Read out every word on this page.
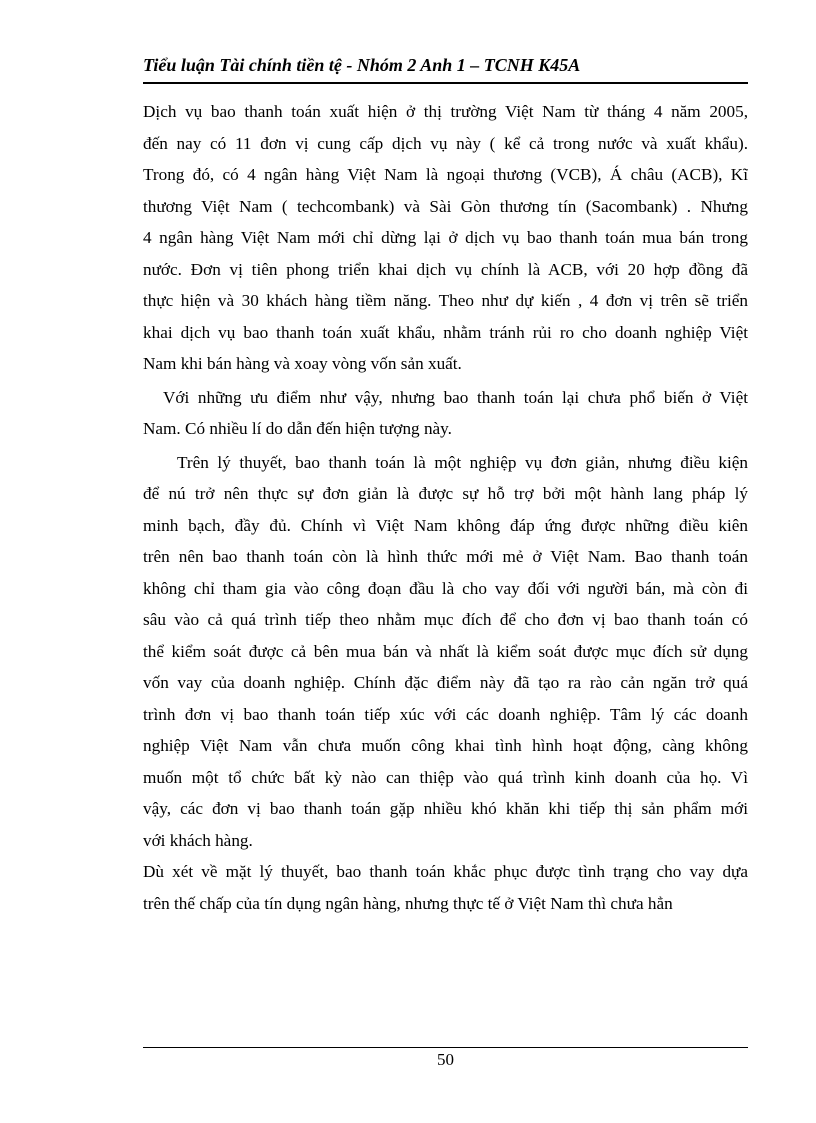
Tiểu luận Tài chính tiền tệ - Nhóm 2 Anh 1 – TCNH K45A
Dịch vụ bao thanh toán xuất hiện ở thị trường Việt Nam từ tháng 4 năm 2005,
đến nay có 11 đơn vị cung cấp dịch vụ này ( kể cả trong nước và xuất khẩu).
Trong đó, có 4 ngân hàng Việt Nam là ngoại thương (VCB), Á châu (ACB), Kĩ
thương Việt Nam ( techcombank) và Sài Gòn thương tín (Sacombank) . Nhưng
4 ngân hàng Việt Nam mới chỉ dừng lại ở dịch vụ bao thanh toán mua bán trong
nước. Đơn vị tiên phong triển khai dịch vụ chính là ACB, với 20 hợp đồng đã
thực hiện và 30 khách hàng tiềm năng. Theo như dự kiến , 4 đơn vị trên sẽ triển
khai dịch vụ bao thanh toán xuất khẩu, nhằm tránh rủi ro cho doanh nghiệp Việt
Nam khi bán hàng và xoay vòng vốn sản xuất.
Với những ưu điểm như vậy, nhưng bao thanh toán lại chưa phổ biến ở Việt
Nam. Có nhiều lí do dẫn đến hiện tượng này.
Trên lý thuyết, bao thanh toán là một nghiệp vụ đơn giản, nhưng điều kiện
để nú trở nên thực sự đơn giản là được sự hỗ trợ bởi một hành lang pháp lý
minh bạch, đầy đủ. Chính vì Việt Nam không đáp ứng được những điều kiên
trên nên bao thanh toán còn là hình thức mới mẻ ở Việt Nam. Bao thanh toán
không chỉ tham gia vào công đoạn đầu là cho vay đối với người bán, mà còn đi
sâu vào cả quá trình tiếp theo nhằm mục đích để cho đơn vị bao thanh toán có
thể kiểm soát được cả bên mua bán và nhất là kiểm soát được mục đích sử dụng
vốn vay của doanh nghiệp. Chính đặc điểm này đã tạo ra rào cản ngăn trở quá
trình đơn vị bao thanh toán tiếp xúc với các doanh nghiệp. Tâm lý các doanh
nghiệp Việt Nam vẫn chưa muốn công khai tình hình hoạt động, càng không
muốn một tổ chức bất kỳ nào can thiệp vào quá trình kinh doanh của họ. Vì
vậy, các đơn vị bao thanh toán gặp nhiều khó khăn khi tiếp thị sản phẩm mới
với khách hàng.
Dù xét về mặt lý thuyết, bao thanh toán khắc phục được tình trạng cho vay dựa
trên thế chấp của tín dụng ngân hàng, nhưng thực tế ở Việt Nam thì chưa hẳn
50
